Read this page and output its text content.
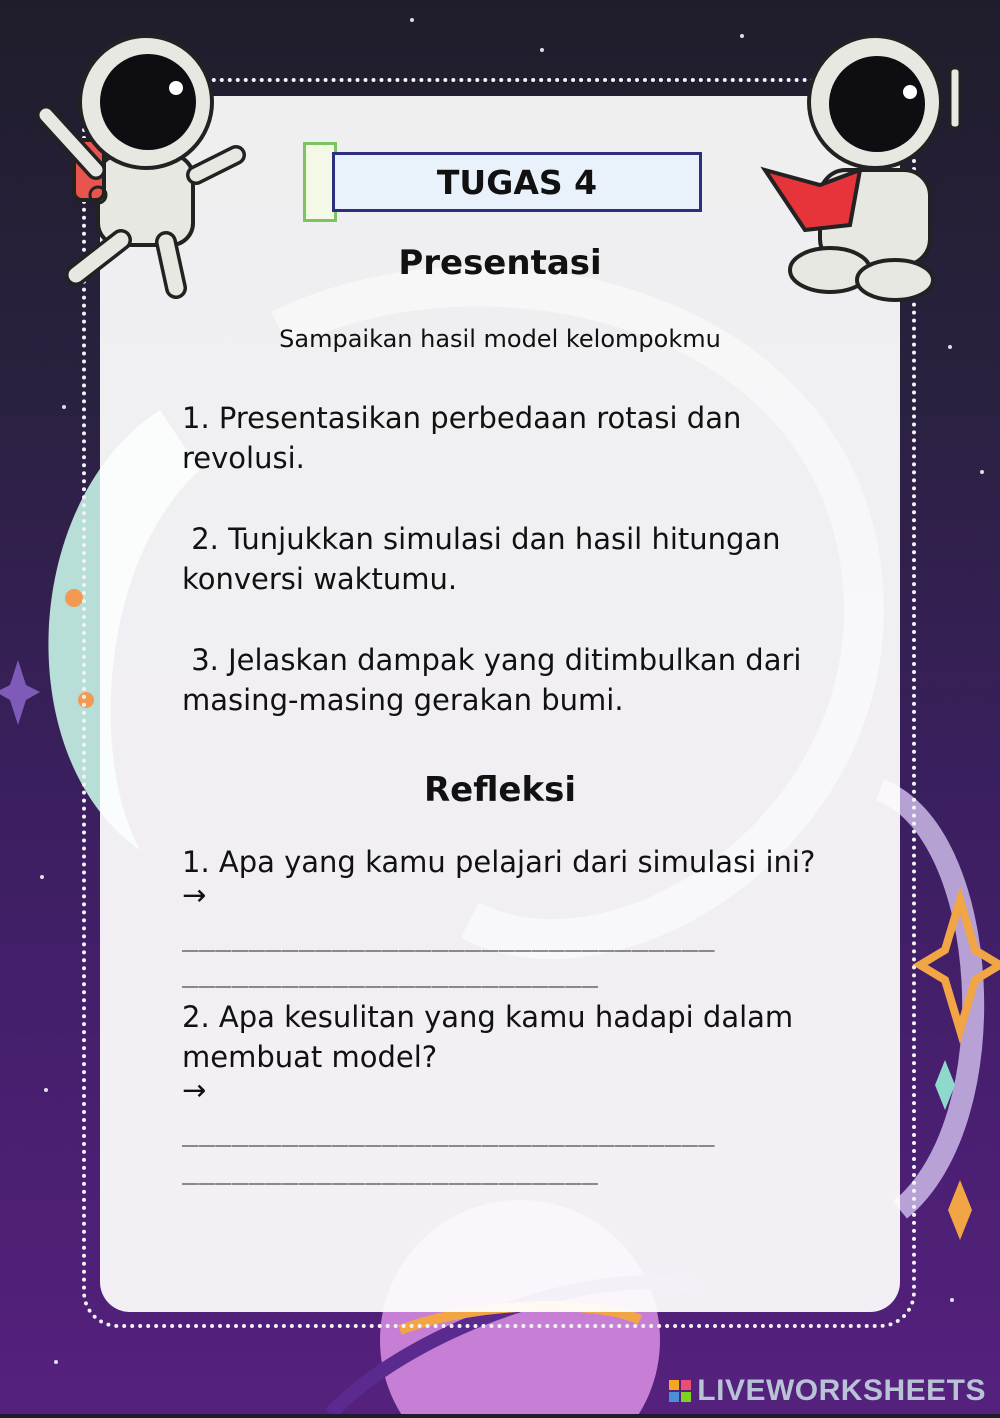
TUGAS 4
Presentasi
Sampaikan hasil model kelompokmu
1. Presentasikan perbedaan rotasi dan revolusi.
2. Tunjukkan simulasi dan hasil hitungan konversi waktumu.
3. Jelaskan dampak yang ditimbulkan dari masing-masing gerakan bumi.
Refleksi
1. Apa yang kamu pelajari dari simulasi ini?
→
________________________________
_________________________
2. Apa kesulitan yang kamu hadapi dalam membuat model?
→
________________________________
_________________________
LIVEWORKSHEETS
